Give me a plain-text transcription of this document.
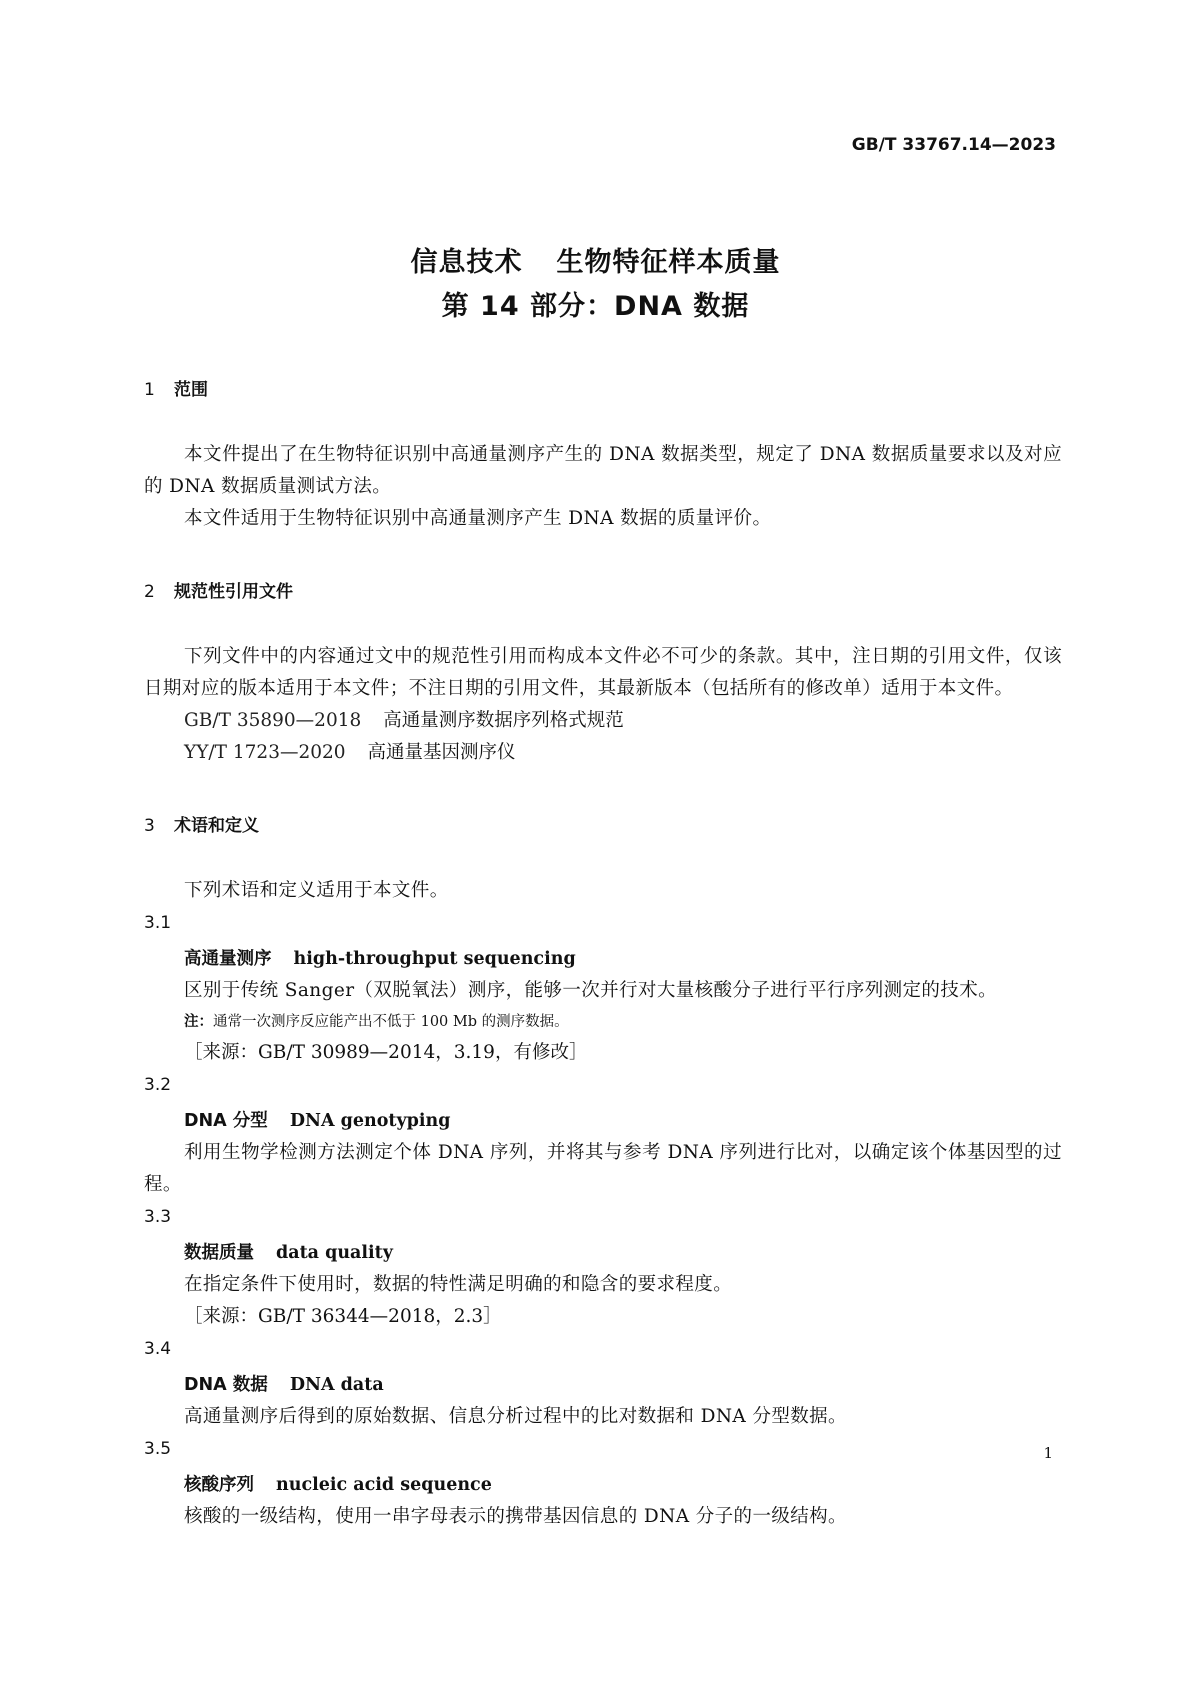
GB/T 33767.14—2023
信息技术 生物特征样本质量
第 14 部分：DNA 数据
1 范围
本文件提出了在生物特征识别中高通量测序产生的 DNA 数据类型，规定了 DNA 数据质量要求以及对应的 DNA 数据质量测试方法。
本文件适用于生物特征识别中高通量测序产生 DNA 数据的质量评价。
2 规范性引用文件
下列文件中的内容通过文中的规范性引用而构成本文件必不可少的条款。其中，注日期的引用文件，仅该日期对应的版本适用于本文件；不注日期的引用文件，其最新版本（包括所有的修改单）适用于本文件。
GB/T 35890—2018 高通量测序数据序列格式规范
YY/T 1723—2020 高通量基因测序仪
3 术语和定义
下列术语和定义适用于本文件。
3.1
高通量测序 high-throughput sequencing
区别于传统 Sanger（双脱氧法）测序，能够一次并行对大量核酸分子进行平行序列测定的技术。
注：通常一次测序反应能产出不低于 100 Mb 的测序数据。
［来源：GB/T 30989—2014，3.19，有修改］
3.2
DNA 分型 DNA genotyping
利用生物学检测方法测定个体 DNA 序列，并将其与参考 DNA 序列进行比对，以确定该个体基因型的过程。
3.3
数据质量 data quality
在指定条件下使用时，数据的特性满足明确的和隐含的要求程度。
［来源：GB/T 36344—2018，2.3］
3.4
DNA 数据 DNA data
高通量测序后得到的原始数据、信息分析过程中的比对数据和 DNA 分型数据。
3.5
核酸序列 nucleic acid sequence
核酸的一级结构，使用一串字母表示的携带基因信息的 DNA 分子的一级结构。
1
